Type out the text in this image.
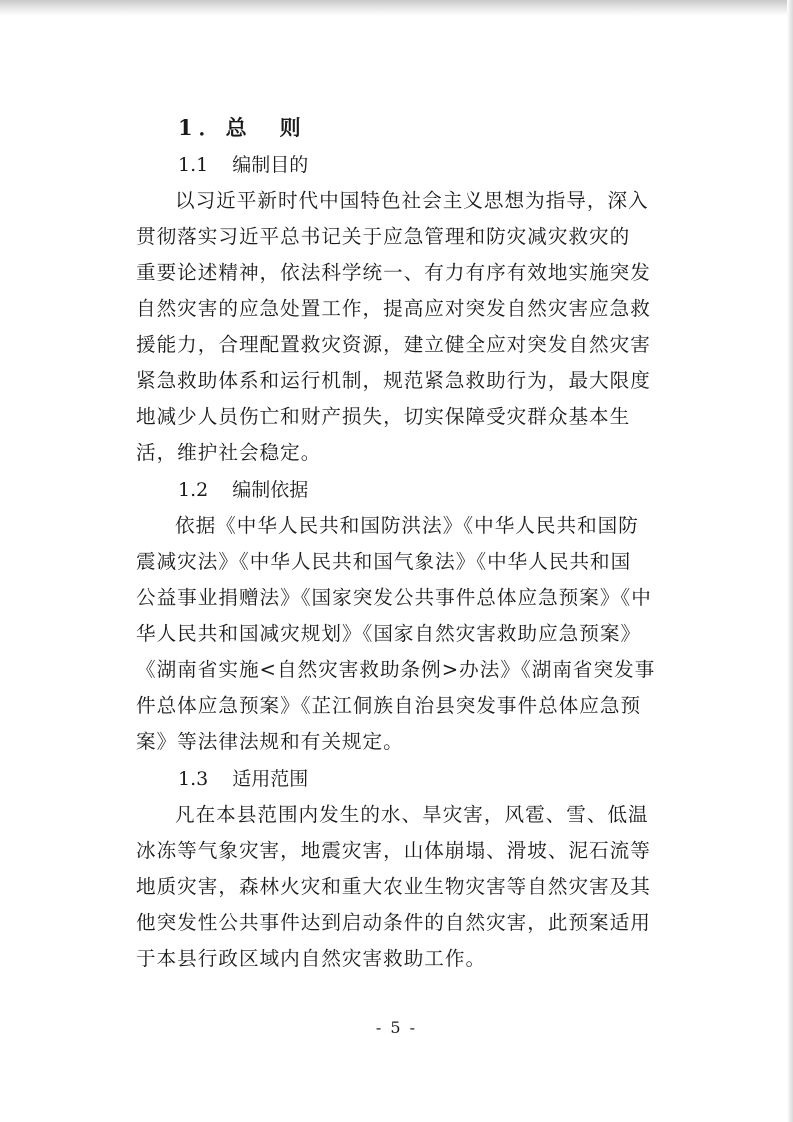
1．总　则
1.1 编制目的
以习近平新时代中国特色社会主义思想为指导，深入
贯彻落实习近平总书记关于应急管理和防灾减灾救灾的
重要论述精神，依法科学统一、有力有序有效地实施突发
自然灾害的应急处置工作，提高应对突发自然灾害应急救
援能力，合理配置救灾资源，建立健全应对突发自然灾害
紧急救助体系和运行机制，规范紧急救助行为，最大限度
地减少人员伤亡和财产损失，切实保障受灾群众基本生
活，维护社会稳定。
1.2 编制依据
依据《中华人民共和国防洪法》《中华人民共和国防
震减灾法》《中华人民共和国气象法》《中华人民共和国
公益事业捐赠法》《国家突发公共事件总体应急预案》《中
华人民共和国减灾规划》《国家自然灾害救助应急预案》
《湖南省实施<自然灾害救助条例>办法》《湖南省突发事
件总体应急预案》《芷江侗族自治县突发事件总体应急预
案》等法律法规和有关规定。
1.3 适用范围
凡在本县范围内发生的水、旱灾害，风雹、雪、低温
冰冻等气象灾害，地震灾害，山体崩塌、滑坡、泥石流等
地质灾害，森林火灾和重大农业生物灾害等自然灾害及其
他突发性公共事件达到启动条件的自然灾害，此预案适用
于本县行政区域内自然灾害救助工作。
- 5 -
